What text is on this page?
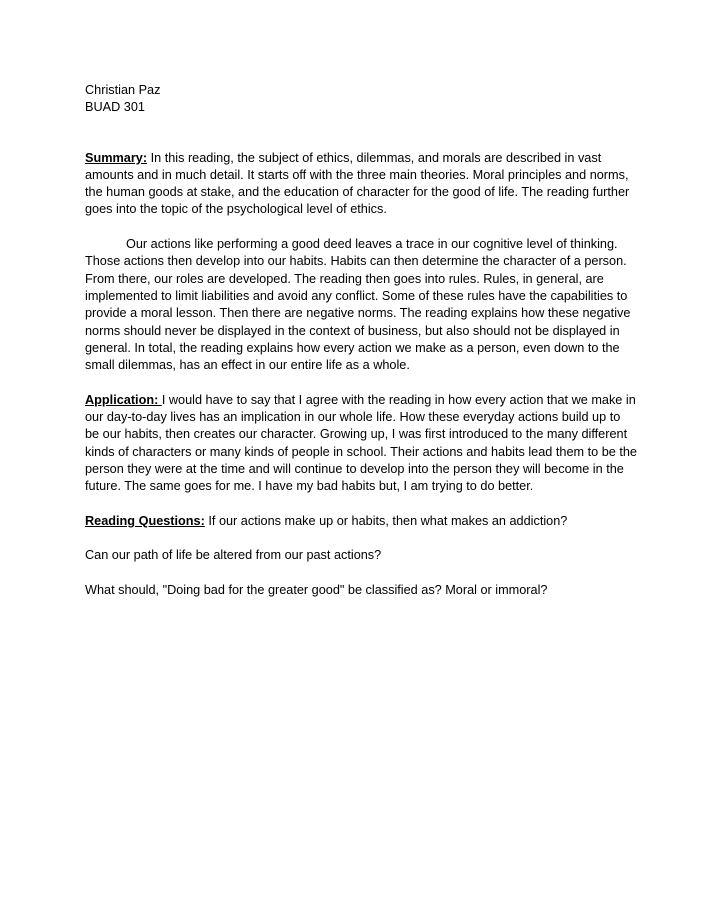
Christian Paz

BUAD 301

Summary: In this reading, the subject of ethics, dilemmas, and morals are described in vast amounts and in much detail. It starts off with the three main theories. Moral principles and norms, the human goods at stake, and the education of character for the good of life. The reading further goes into the topic of the psychological level of ethics.

Our actions like performing a good deed leaves a trace in our cognitive level of thinking. Those actions then develop into our habits. Habits can then determine the character of a person. From there, our roles are developed. The reading then goes into rules. Rules, in general, are implemented to limit liabilities and avoid any conflict. Some of these rules have the capabilities to provide a moral lesson. Then there are negative norms. The reading explains how these negative norms should never be displayed in the context of business, but also should not be displayed in general. In total, the reading explains how every action we make as a person, even down to the small dilemmas, has an effect in our entire life as a whole.

Application: I would have to say that I agree with the reading in how every action that we make in our day-to-day lives has an implication in our whole life. How these everyday actions build up to be our habits, then creates our character. Growing up, I was first introduced to the many different kinds of characters or many kinds of people in school. Their actions and habits lead them to be the person they were at the time and will continue to develop into the person they will become in the future. The same goes for me. I have my bad habits but, I am trying to do better.

Reading Questions: If our actions make up or habits, then what makes an addiction?

Can our path of life be altered from our past actions?

What should, "Doing bad for the greater good" be classified as? Moral or immoral?
